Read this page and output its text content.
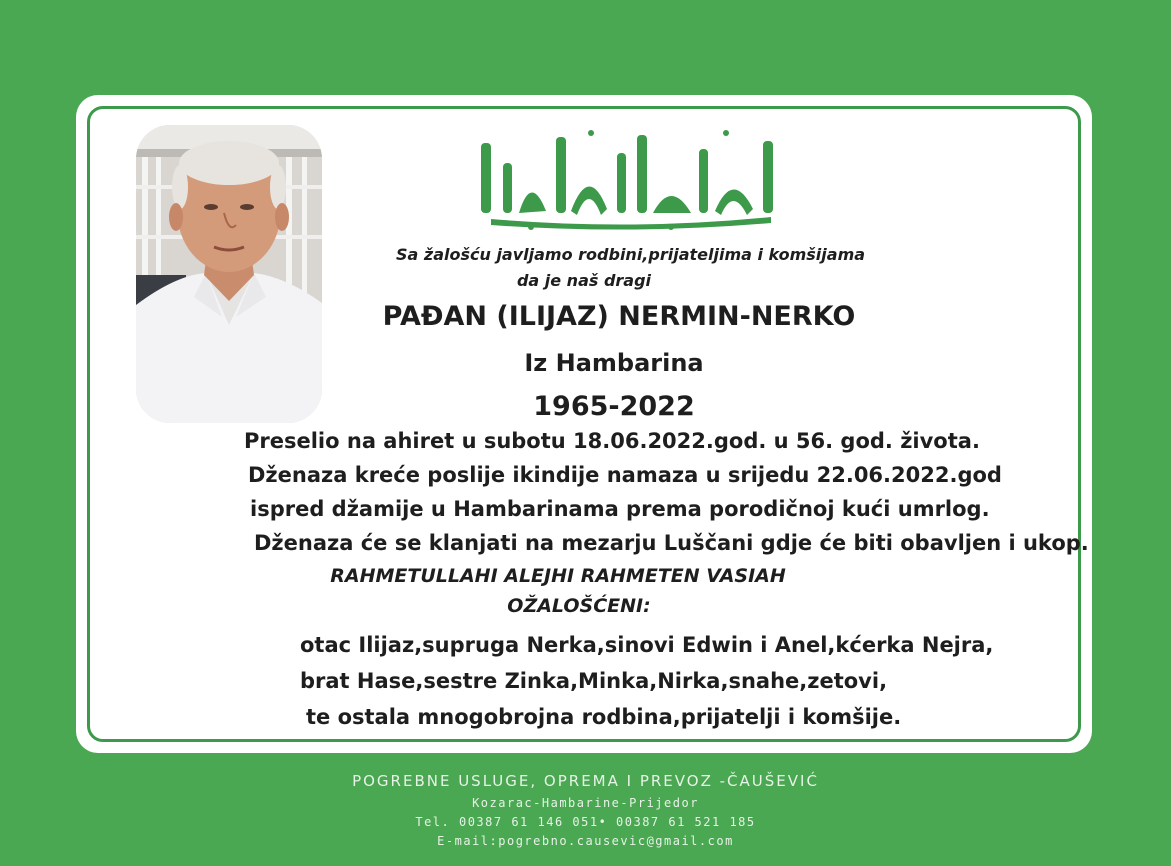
Sa žalošću javljamo rodbini,prijateljima i komšijama
da je naš dragi
PAĐAN (ILIJAZ) NERMIN-NERKO
Iz Hambarina
1965-2022
Preselio na ahiret u subotu 18.06.2022.god. u 56. god. života.
Dženaza kreće poslije ikindije namaza u srijedu 22.06.2022.god
ispred džamije u Hambarinama prema porodičnoj kući umrlog.
Dženaza će se klanjati na mezarju Luščani gdje će biti obavljen i ukop.
RAHMETULLAHI ALEJHI RAHMETEN VASIAH
OŽALOŠĆENI:
otac Ilijaz,supruga Nerka,sinovi Edwin i Anel,kćerka Nejra,
brat Hase,sestre Zinka,Minka,Nirka,snahe,zetovi,
te ostala mnogobrojna rodbina,prijatelji i komšije.
POGREBNE USLUGE, OPREMA I PREVOZ -ČAUŠEVIĆ
Kozarac-Hambarine-Prijedor
Tel. 00387 61 146 051• 00387 61 521 185
E-mail:pogrebno.causevic@gmail.com
